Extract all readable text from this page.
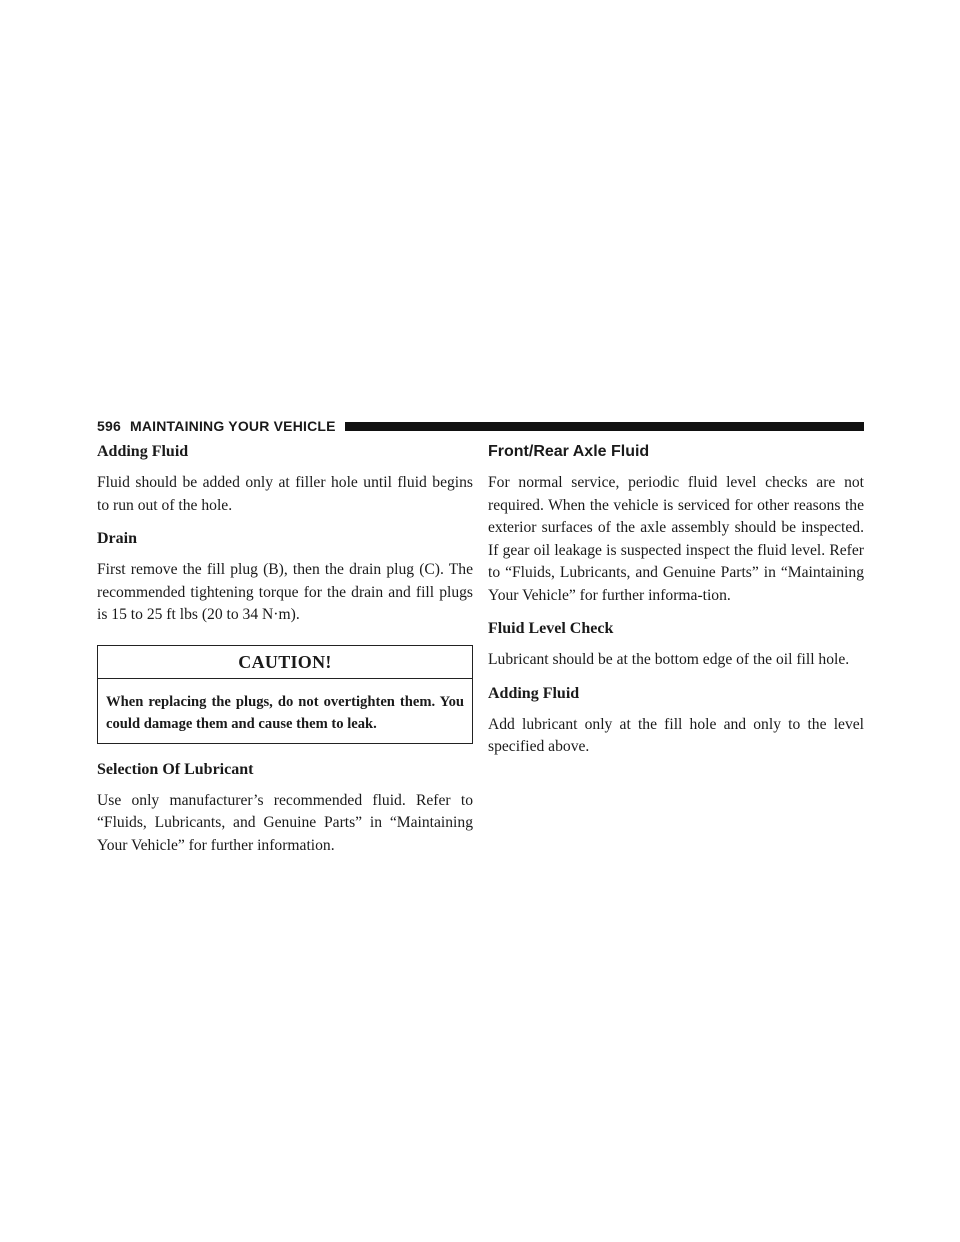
596 MAINTAINING YOUR VEHICLE
Adding Fluid

Fluid should be added only at filler hole until fluid begins to run out of the hole.

Drain

First remove the fill plug (B), then the drain plug (C). The recommended tightening torque for the drain and fill plugs is 15 to 25 ft lbs (20 to 34 N·m).

CAUTION!
When replacing the plugs, do not overtighten them. You could damage them and cause them to leak.
Selection Of Lubricant

Use only manufacturer’s recommended fluid. Refer to “Fluids, Lubricants, and Genuine Parts” in “Maintaining Your Vehicle” for further information.

Front/Rear Axle Fluid

For normal service, periodic fluid level checks are not required. When the vehicle is serviced for other reasons the exterior surfaces of the axle assembly should be inspected. If gear oil leakage is suspected inspect the fluid level. Refer to “Fluids, Lubricants, and Genuine Parts” in “Maintaining Your Vehicle” for further informa-tion.

Fluid Level Check

Lubricant should be at the bottom edge of the oil fill hole.

Adding Fluid

Add lubricant only at the fill hole and only to the level specified above.
